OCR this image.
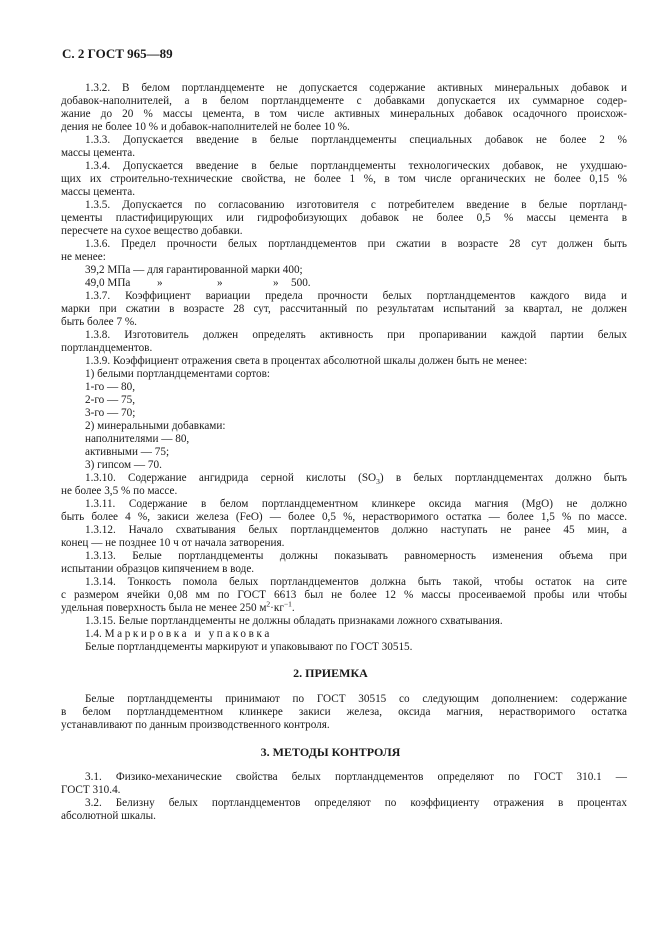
С. 2 ГОСТ 965—89
1.3.2. В белом портландцементе не допускается содержание активных минеральных добавок и
добавок-наполнителей, а в белом портландцементе с добавками допускается их суммарное содер-
жание до 20 % массы цемента, в том числе активных минеральных добавок осадочного происхож-
дения не более 10 % и добавок-наполнителей не более 10 %.
1.3.3. Допускается введение в белые портландцементы специальных добавок не более 2 %
массы цемента.
1.3.4. Допускается введение в белые портландцементы технологических добавок, не ухудшаю-
щих их строительно-технические свойства, не более 1 %, в том числе органических не более 0,15 %
массы цемента.
1.3.5. Допускается по согласованию изготовителя с потребителем введение в белые портланд-
цементы пластифицирующих или гидрофобизующих добавок не более 0,5 % массы цемента в
пересчете на сухое вещество добавки.
1.3.6. Предел прочности белых портландцементов при сжатии в возрасте 28 сут должен быть
не менее:
39,2 МПа — для гарантированной марки 400;
49,0 МПа »	»	» 500.
1.3.7. Коэффициент вариации предела прочности белых портландцементов каждого вида и
марки при сжатии в возрасте 28 сут, рассчитанный по результатам испытаний за квартал, не должен
быть более 7 %.
1.3.8. Изготовитель должен определять активность при пропаривании каждой партии белых
портландцементов.
1.3.9. Коэффициент отражения света в процентах абсолютной шкалы должен быть не менее:
1) белыми портландцементами сортов:
1-го — 80,
2-го — 75,
3-го — 70;
2) минеральными добавками:
наполнителями — 80,
активными — 75;
3) гипсом — 70.
1.3.10. Содержание ангидрида серной кислоты $(SO_3)$ в белых портландцементах должно быть
не более 3,5 % по массе.
1.3.11. Содержание в белом портландцементном клинкере оксида магния (MgO) не должно
быть более 4 %, закиси железа (FeO) — более 0,5 %, нерастворимого остатка — более 1,5 % по массе.
1.3.12. Начало схватывания белых портландцементов должно наступать не ранее 45 мин, а
конец — не позднее 10 ч от начала затворения.
1.3.13. Белые портландцементы должны показывать равномерность изменения объема при
испытании образцов кипячением в воде.
1.3.14. Тонкость помола белых портландцементов должна быть такой, чтобы остаток на сите
с размером ячейки 0,08 мм по ГОСТ 6613 был не более 12 % массы просеиваемой пробы или чтобы
удельная поверхность была не менее 250 $м^2\cdot кг^{-1}$.
1.3.15. Белые портландцементы не должны обладать признаками ложного схватывания.
1.4. Маркировка и упаковка
Белые портландцементы маркируют и упаковывают по ГОСТ 30515.
2. ПРИЕМКА
Белые портландцементы принимают по ГОСТ 30515 со следующим дополнением: содержание
в белом портландцементном клинкере закиси железа, оксида магния, нерастворимого остатка
устанавливают по данным производственного контроля.
3. МЕТОДЫ КОНТРОЛЯ
3.1. Физико-механические свойства белых портландцементов определяют по ГОСТ 310.1 —
ГОСТ 310.4.
3.2. Белизну белых портландцементов определяют по коэффициенту отражения в процентах
абсолютной шкалы.
